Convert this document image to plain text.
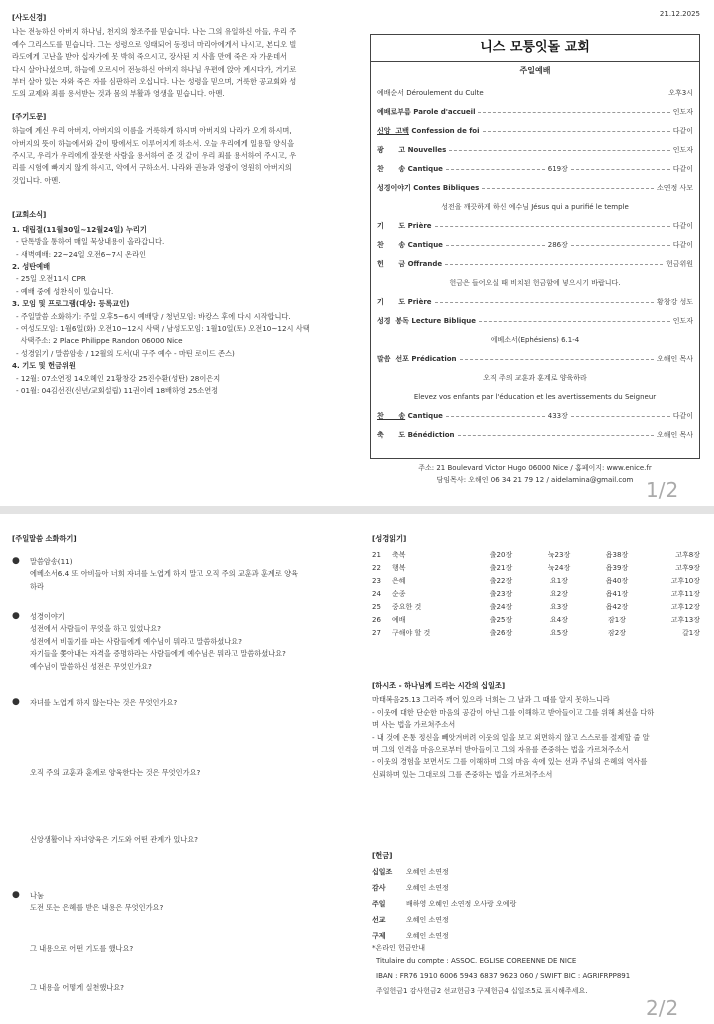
21.12.2025
[사도신경]
나는 전능하신 아버지 하나님, 천지의 창조주를 믿습니다. 나는 그의 유일하신 아들, 우리 주
예수 그리스도를 믿습니다. 그는 성령으로 잉태되어 동정녀 마리아에게서 나시고, 본디오 빌
라도에게 고난을 받아 십자가에 못 박혀 죽으시고, 장사된 지 사흘 만에 죽은 자 가운데서
다시 살아나셨으며, 하늘에 오르시어 전능하신 아버지 하나님 우편에 앉아 계시다가, 거기로
부터 살아 있는 자와 죽은 자를 심판하러 오십니다. 나는 성령을 믿으며, 거룩한 공교회와 성
도의 교제와 죄를 용서받는 것과 몸의 부활과 영생을 믿습니다. 아멘.
[주기도문]
하늘에 계신 우리 아버지, 아버지의 이름을 거룩하게 하시며 아버지의 나라가 오게 하시며,
아버지의 뜻이 하늘에서와 같이 땅에서도 이루어지게 하소서. 오늘 우리에게 일용할 양식을
주시고, 우리가 우리에게 잘못한 사람을 용서하여 준 것 같이 우리 죄를 용서하여 주시고, 우
리를 시험에 빠지지 않게 하시고, 악에서 구하소서. 나라와 권능과 영광이 영원히 아버지의
것입니다. 아멘.
[교회소식]
1. 대림절(11월30일~12월24일) 누리기
- 단톡방을 통하여 매일 묵상내용이 올라갑니다.
- 새벽예배: 22~24일 오전6~7시 온라인
2. 성탄예배
- 25일 오전11시 CPR
- 예배 중에 성찬식이 있습니다.
3. 모임 및 프로그램(대상: 등록교인)
- 주일말씀 소화하기: 주일 오후5~6시 예배당 / 청년모임: 바캉스 후에 다시 시작합니다.
- 여성도모임: 1월6일(화) 오전10~12시 사택 / 남성도모임: 1월10일(토) 오전10~12시 사택
사택주소: 2 Place Philippe Randon 06000 Nice
- 성경읽기 / 말씀암송 / 12월의 도서(내 구주 예수 - 마틴 로이드 존스)
4. 기도 및 헌금위원
- 12월: 07소연정 14오혜인 21황창강 25진수환(성탄) 28이은지
- 01월: 04김선진(신년/교회설립) 11권이레 18배하영 25소연정
니스 모퉁잇돌 교회
주일예배
예배순서 Déroulement du Culte	오후3시
예배로부름 Parole d'accueil	인도자
신앙  고백 Confession de foi	다같이
광      고 Nouvelles	인도자
찬      송 Cantique	619장	다같이
성경이야기 Contes Bibliques	소연정 사모
성전을 깨끗하게 하신 예수님 Jésus qui a purifié le temple
기      도 Prière	다같이
찬      송 Cantique	286장	다같이
헌      금 Offrande	헌금위원
헌금은 들어오실 때 비치된 헌금함에 넣으시기 바랍니다.
기      도 Prière	황창강 성도
성경  봉독 Lecture Biblique	인도자
에베소서(Ephésiens) 6.1-4
말씀  선포 Prédication	오해인 목사
오직 주의 교훈과 훈계로 양육하라
Elevez vos enfants par l'éducation et les avertissements du Seigneur
찬      송 Cantique	433장	다같이
축      도 Bénédiction	오해인 목사
주소: 21 Boulevard Victor Hugo 06000 Nice / 홈페이지: www.enice.fr
담임목사: 오해인 06 34 21 79 12 / aidelamina@gmail.com 1/2
[주일말씀 소화하기]
● 말씀암송(11)
에베소서6.4 또 아비들아 너희 자녀를 노엽게 하지 말고 오직 주의 교훈과 훈계로 양육
하라
● 성경이야기
성전에서 사람들이 무엇을 하고 있었나요?
성전에서 비둘기를 파는 사람들에게 예수님이 뭐라고 말씀하셨나요?
자기들을 쫓아내는 자격을 증명하라는 사람들에게 예수님은 뭐라고 말씀하셨나요?
예수님이 말씀하신 성전은 무엇인가요?
● 자녀를 노엽게 하지 않는다는 것은 무엇인가요?
오직 주의 교훈과 훈계로 양육한다는 것은 무엇인가요?
신앙생활이나 자녀양육은 기도와 어떤 관계가 있나요?
● 나눔
도전 또는 은혜를 받은 내용은 무엇인가요?
그 내용으로 어떤 기도를 했나요?
그 내용을 어떻게 실천했나요?
[성경읽기]
21	축복	출20장	눅23장	욥38장	고후8장
22	행복	출21장	눅24장	욥39장	고후9장
23	은혜	출22장	요1장	욥40장	고후10장
24	순종	출23장	요2장	욥41장	고후11장
25	중요한 것	출24장	요3장	욥42장	고후12장
26	예배	출25장	요4장	잠1장	고후13장
27	구해야 할 것	출26장	요5장	잠2장	갈1장
[하시조 - 하나님께 드리는 시간의 십일조]
마태복음25.13 그러즉 깨어 있으라 너희는 그 날과 그 때를 알지 못하느니라
- 이웃에 대한 단순한 마음의 공감이 아닌 그를 이해하고 받아들이고 그를 위해 최선을 다하
며 사는 법을 가르쳐주소서
- 내 것에 온통 정신을 빼앗겨버려 이웃의 일을 보고 외면하지 않고 스스로를 절제할 줄 알
며 그의 인격을 마음으로부터 받아들이고 그의 자유를 존중하는 법을 가르쳐주소서
- 이웃의 경험을 보면서도 그를 이해하며 그의 마음 속에 있는 선과 주님의 은혜의 역사를
신뢰하며 있는 그대로의 그를 존중하는 법을 가르쳐주소서
[헌금]
십일조	오혜인 소연정
감사	오혜인 소연정
주일	배하영 오혜인 소연정 오사랑 오예랑
선교	오혜인 소연정
구제	오혜인 소연정
*온라인 헌금안내
Titulaire du compte : ASSOC. EGLISE COREENNE DE NICE
IBAN : FR76 1910 6006 5943 6837 9623 060 / SWIFT BIC : AGRIFRPP891
주일헌금1 감사헌금2 선교헌금3 구제헌금4 십일조5로 표시해주세요.
2/2
